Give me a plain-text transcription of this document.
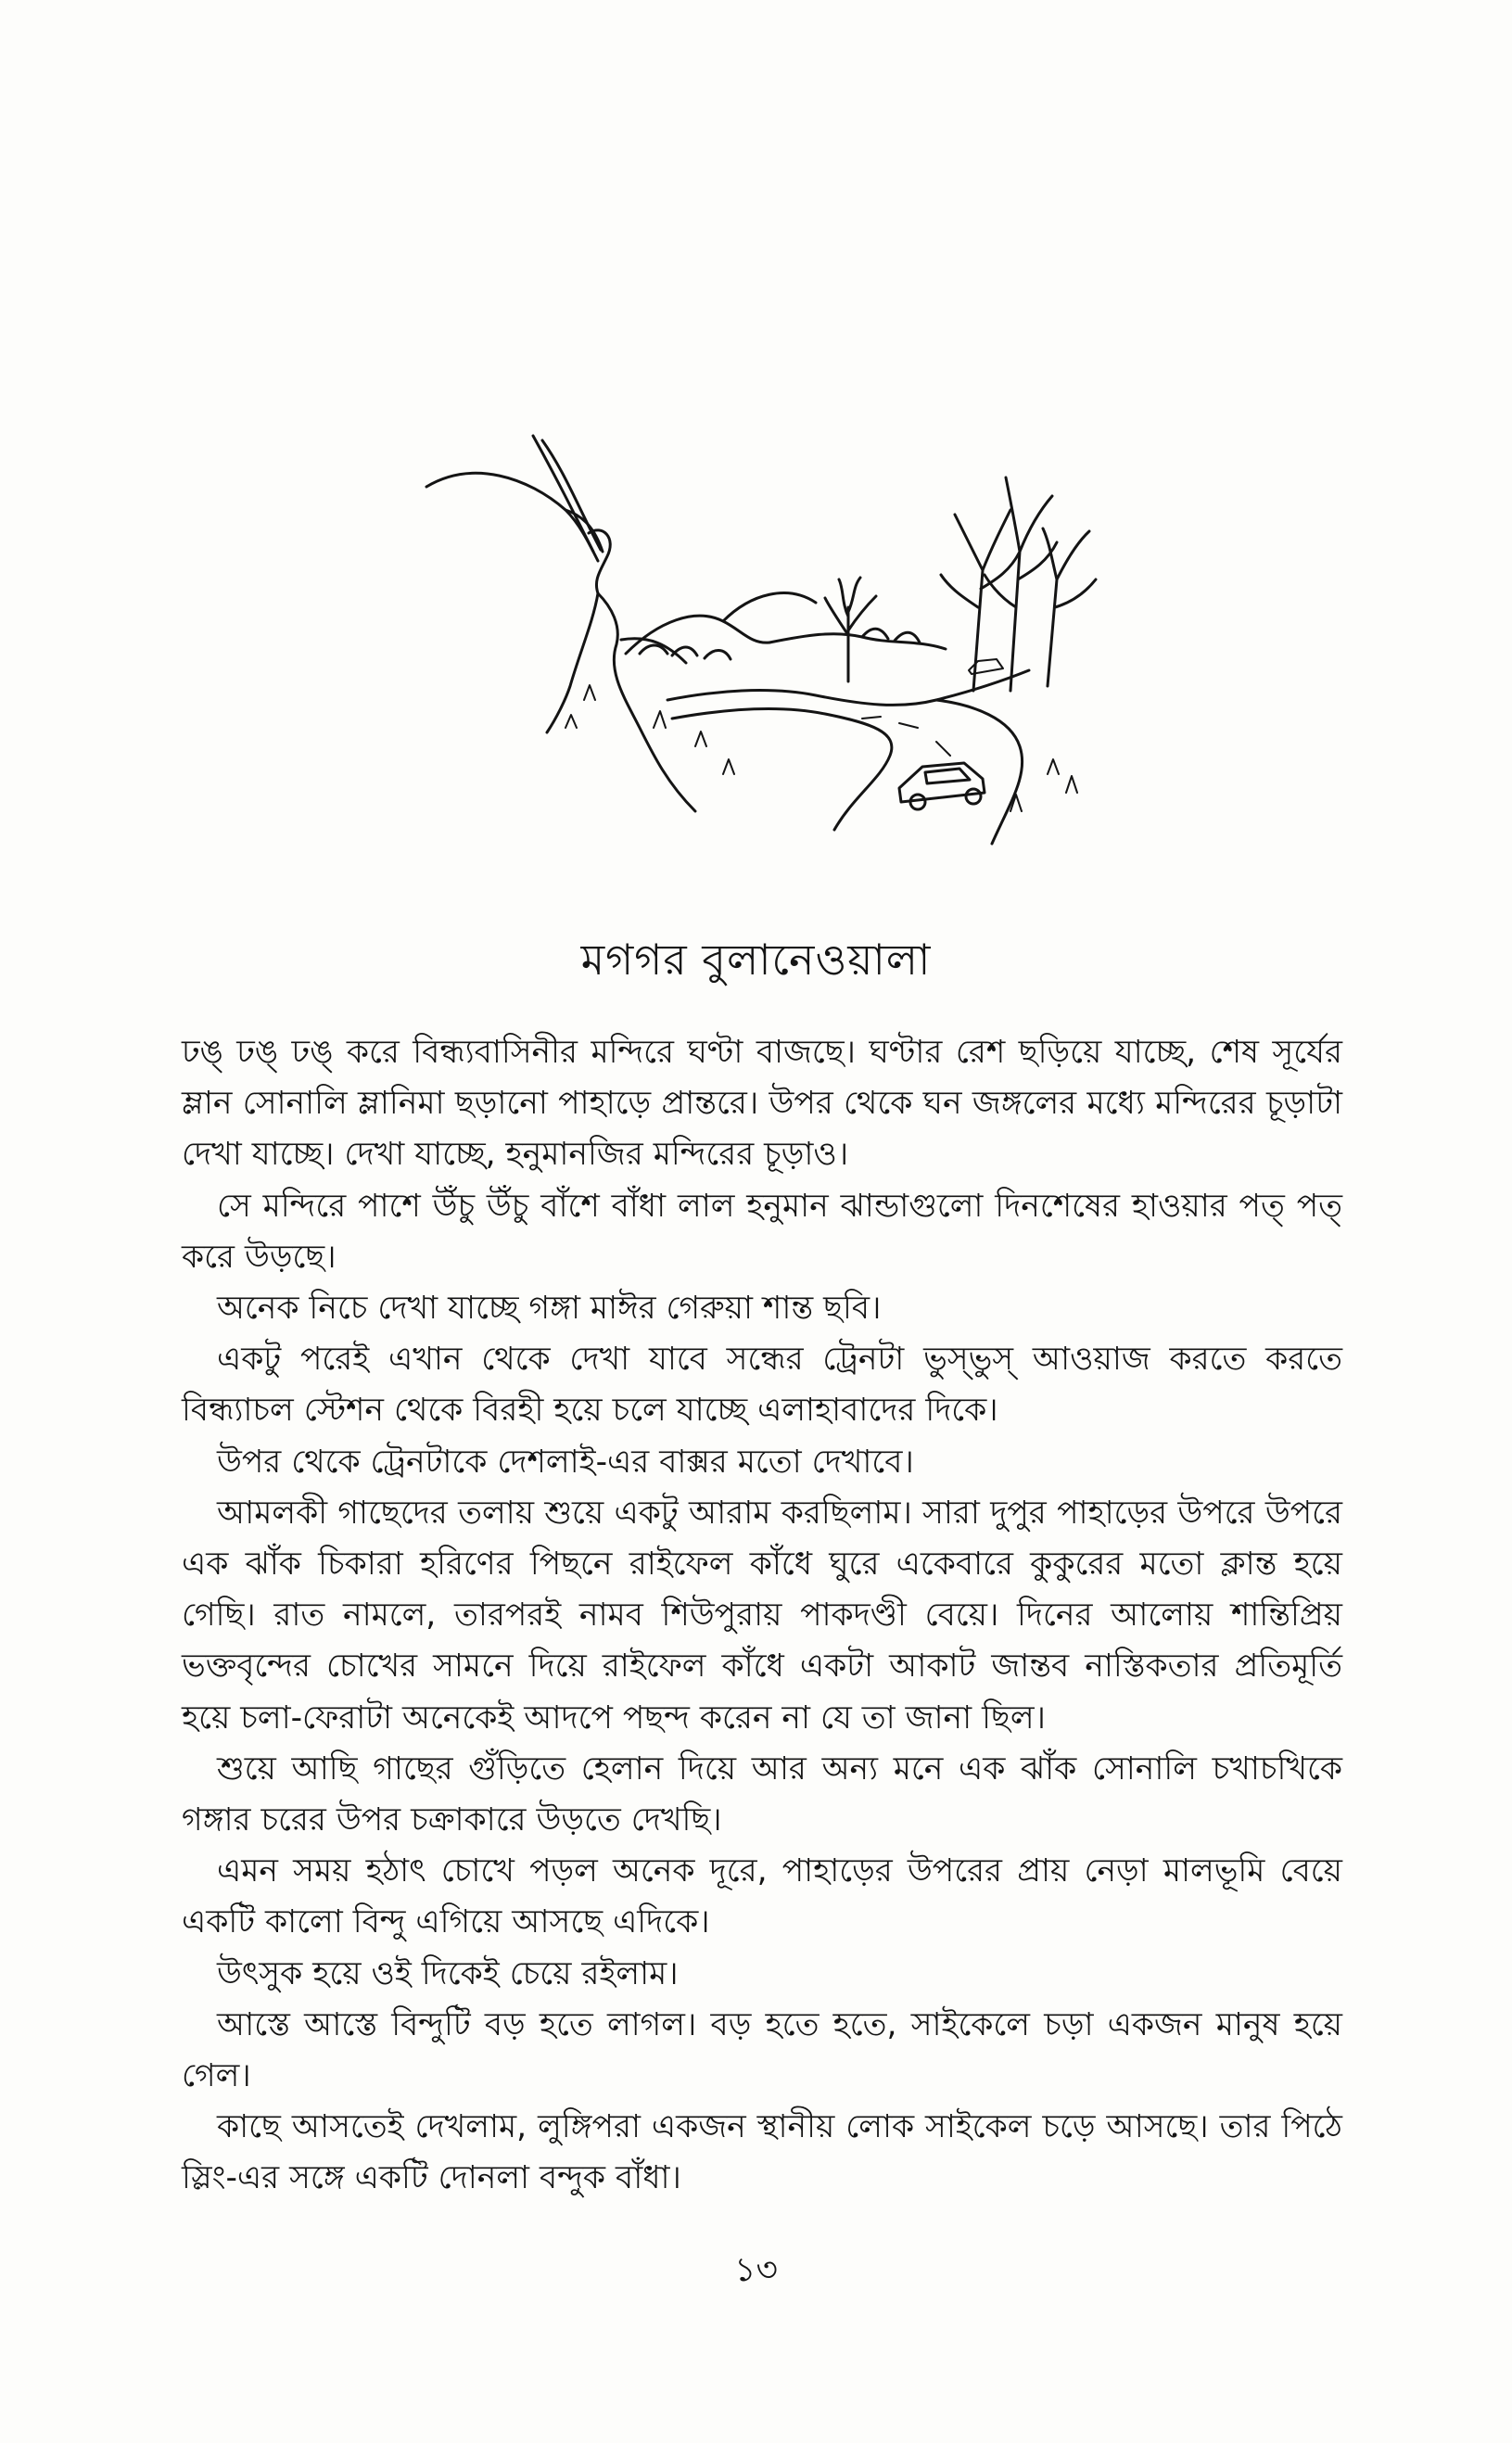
মগগর বুলানেওয়ালা

ঢঙ্ ঢঙ্ ঢঙ্ করে বিন্ধ্যবাসিনীর মন্দিরে ঘণ্টা বাজছে। ঘণ্টার রেশ ছড়িয়ে যাচ্ছে, শেষ সূর্যের ম্লান সোনালি ম্লানিমা ছড়ানো পাহাড়ে প্রান্তরে। উপর থেকে ঘন জঙ্গলের মধ্যে মন্দিরের চূড়াটা দেখা যাচ্ছে। দেখা যাচ্ছে, হনুমানজির মন্দিরের চূড়াও।

সে মন্দিরে পাশে উঁচু উঁচু বাঁশে বাঁধা লাল হনুমান ঝান্ডাগুলো দিনশেষের হাওয়ার পত্ পত্ করে উড়ছে।

অনেক নিচে দেখা যাচ্ছে গঙ্গা মাঈর গেরুয়া শান্ত ছবি।

একটু পরেই এখান থেকে দেখা যাবে সন্ধের ট্রেনটা ভুস্‌ভুস্ আওয়াজ করতে করতে বিন্ধ্যাচল স্টেশন থেকে বিরহী হয়ে চলে যাচ্ছে এলাহাবাদের দিকে।

উপর থেকে ট্রেনটাকে দেশলাই-এর বাক্সর মতো দেখাবে।

আমলকী গাছেদের তলায় শুয়ে একটু আরাম করছিলাম। সারা দুপুর পাহাড়ের উপরে উপরে এক ঝাঁক চিকারা হরিণের পিছনে রাইফেল কাঁধে ঘুরে একেবারে কুকুরের মতো ক্লান্ত হয়ে গেছি। রাত নামলে, তারপরই নামব শিউপুরায় পাকদণ্ডী বেয়ে। দিনের আলোয় শান্তিপ্রিয় ভক্তবৃন্দের চোখের সামনে দিয়ে রাইফেল কাঁধে একটা আকাট জান্তব নাস্তিকতার প্রতিমূর্তি হয়ে চলা-ফেরাটা অনেকেই আদপে পছন্দ করেন না যে তা জানা ছিল।

শুয়ে আছি গাছের গুঁড়িতে হেলান দিয়ে আর অন্য মনে এক ঝাঁক সোনালি চখাচখিকে গঙ্গার চরের উপর চক্রাকারে উড়তে দেখছি।

এমন সময় হঠাৎ চোখে পড়ল অনেক দূরে, পাহাড়ের উপরের প্রায় নেড়া মালভূমি বেয়ে একটি কালো বিন্দু এগিয়ে আসছে এদিকে।

উৎসুক হয়ে ওই দিকেই চেয়ে রইলাম।

আস্তে আস্তে বিন্দুটি বড় হতে লাগল। বড় হতে হতে, সাইকেলে চড়া একজন মানুষ হয়ে গেল।

কাছে আসতেই দেখলাম, লুঙ্গিপরা একজন স্থানীয় লোক সাইকেল চড়ে আসছে। তার পিঠে স্লিং-এর সঙ্গে একটি দোনলা বন্দুক বাঁধা।

১৩
